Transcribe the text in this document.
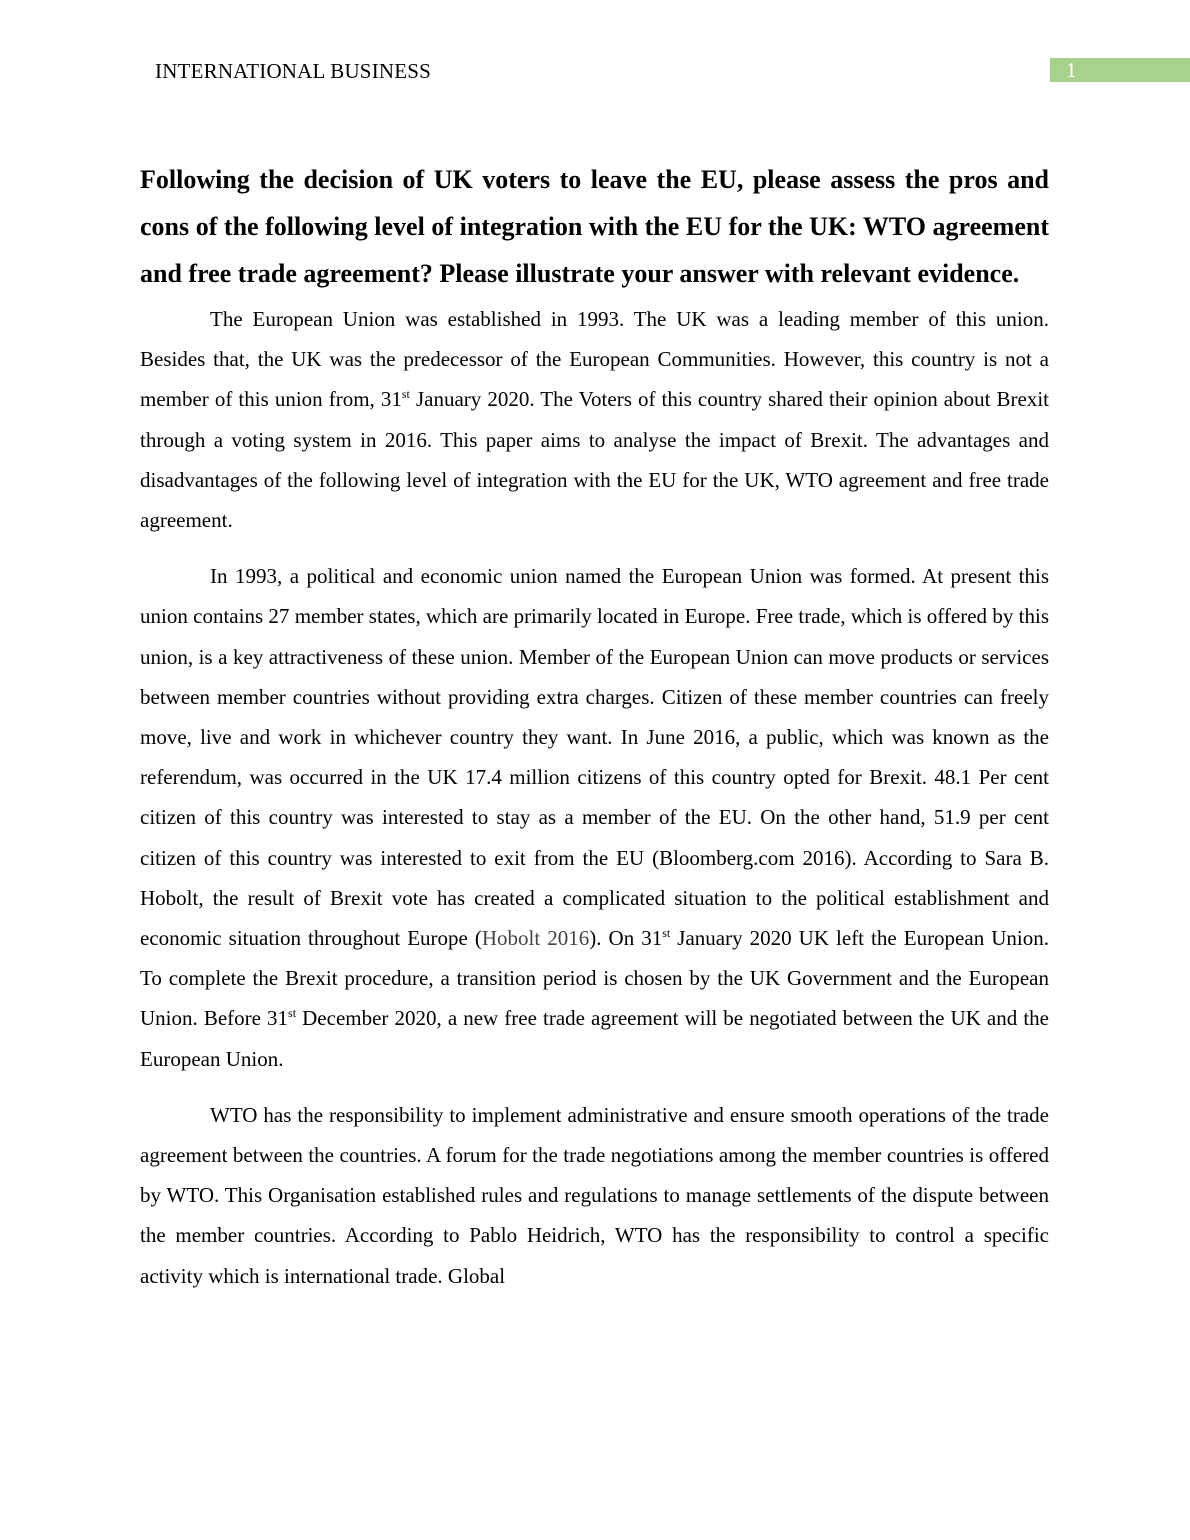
INTERNATIONAL BUSINESS	1
Following the decision of UK voters to leave the EU, please assess the pros and cons of the following level of integration with the EU for the UK: WTO agreement and free trade agreement? Please illustrate your answer with relevant evidence.

The European Union was established in 1993. The UK was a leading member of this union. Besides that, the UK was the predecessor of the European Communities. However, this country is not a member of this union from, 31st January 2020. The Voters of this country shared their opinion about Brexit through a voting system in 2016. This paper aims to analyse the impact of Brexit. The advantages and disadvantages of the following level of integration with the EU for the UK, WTO agreement and free trade agreement.

In 1993, a political and economic union named the European Union was formed. At present this union contains 27 member states, which are primarily located in Europe. Free trade, which is offered by this union, is a key attractiveness of these union. Member of the European Union can move products or services between member countries without providing extra charges. Citizen of these member countries can freely move, live and work in whichever country they want. In June 2016, a public, which was known as the referendum, was occurred in the UK 17.4 million citizens of this country opted for Brexit. 48.1 Per cent citizen of this country was interested to stay as a member of the EU. On the other hand, 51.9 per cent citizen of this country was interested to exit from the EU (Bloomberg.com 2016). According to Sara B. Hobolt, the result of Brexit vote has created a complicated situation to the political establishment and economic situation throughout Europe (Hobolt 2016). On 31st January 2020 UK left the European Union. To complete the Brexit procedure, a transition period is chosen by the UK Government and the European Union. Before 31st December 2020, a new free trade agreement will be negotiated between the UK and the European Union.

WTO has the responsibility to implement administrative and ensure smooth operations of the trade agreement between the countries. A forum for the trade negotiations among the member countries is offered by WTO. This Organisation established rules and regulations to manage settlements of the dispute between the member countries. According to Pablo Heidrich, WTO has the responsibility to control a specific activity which is international trade. Global
